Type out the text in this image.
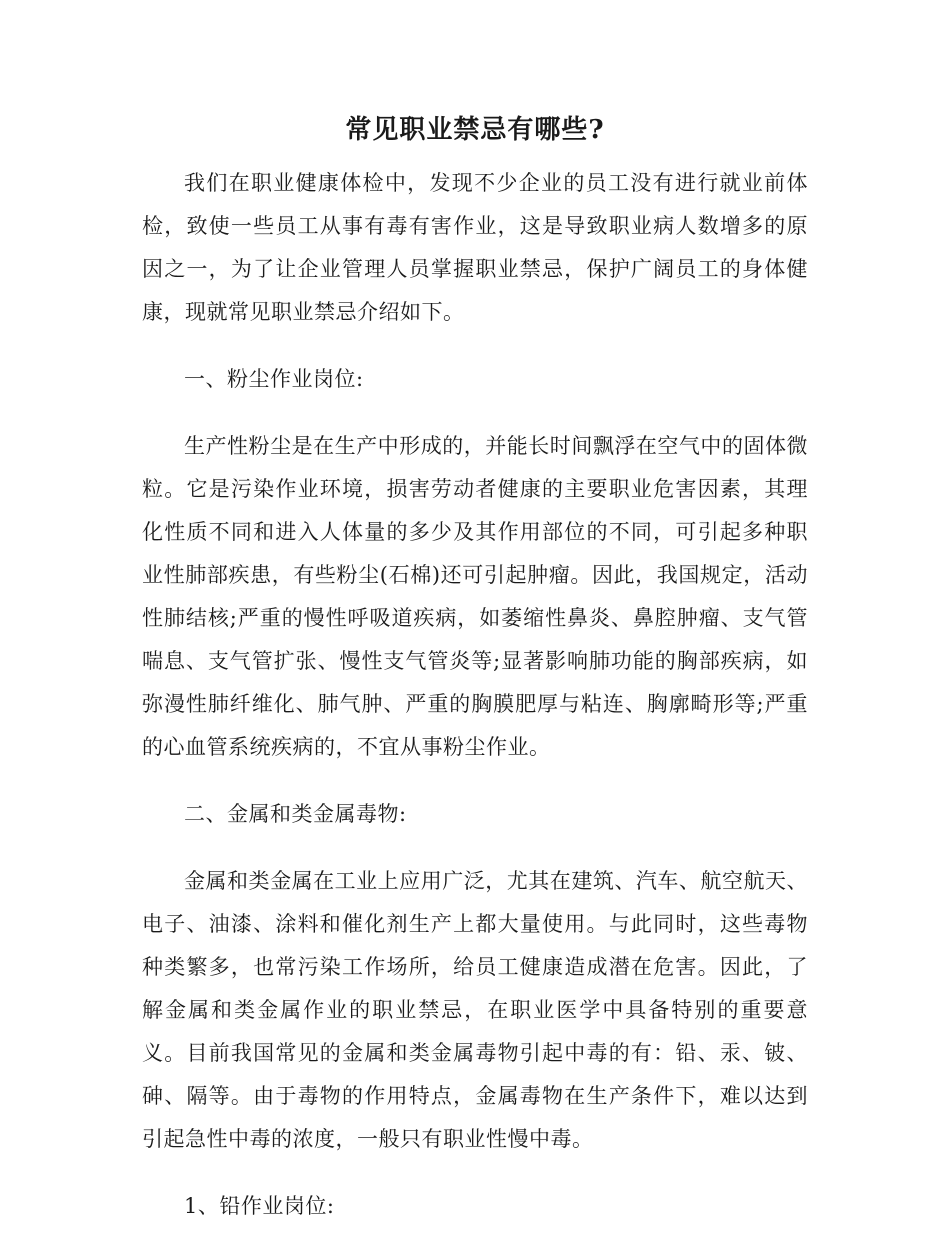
常见职业禁忌有哪些?

我们在职业健康体检中，发现不少企业的员工没有进行就业前体检，致使一些员工从事有毒有害作业，这是导致职业病人数增多的原因之一，为了让企业管理人员掌握职业禁忌，保护广阔员工的身体健康，现就常见职业禁忌介绍如下。

一、粉尘作业岗位:

生产性粉尘是在生产中形成的，并能长时间飘浮在空气中的固体微粒。它是污染作业环境，损害劳动者健康的主要职业危害因素，其理化性质不同和进入人体量的多少及其作用部位的不同，可引起多种职业性肺部疾患，有些粉尘(石棉)还可引起肿瘤。因此，我国规定，活动性肺结核;严重的慢性呼吸道疾病，如萎缩性鼻炎、鼻腔肿瘤、支气管喘息、支气管扩张、慢性支气管炎等;显著影响肺功能的胸部疾病，如弥漫性肺纤维化、肺气肿、严重的胸膜肥厚与粘连、胸廓畸形等;严重的心血管系统疾病的，不宜从事粉尘作业。

二、金属和类金属毒物:

金属和类金属在工业上应用广泛，尤其在建筑、汽车、航空航天、电子、油漆、涂料和催化剂生产上都大量使用。与此同时，这些毒物种类繁多，也常污染工作场所，给员工健康造成潜在危害。因此，了解金属和类金属作业的职业禁忌，在职业医学中具备特别的重要意义。目前我国常见的金属和类金属毒物引起中毒的有：铅、汞、铍、砷、隔等。由于毒物的作用特点，金属毒物在生产条件下，难以达到引起急性中毒的浓度，一般只有职业性慢中毒。

1、铅作业岗位:
